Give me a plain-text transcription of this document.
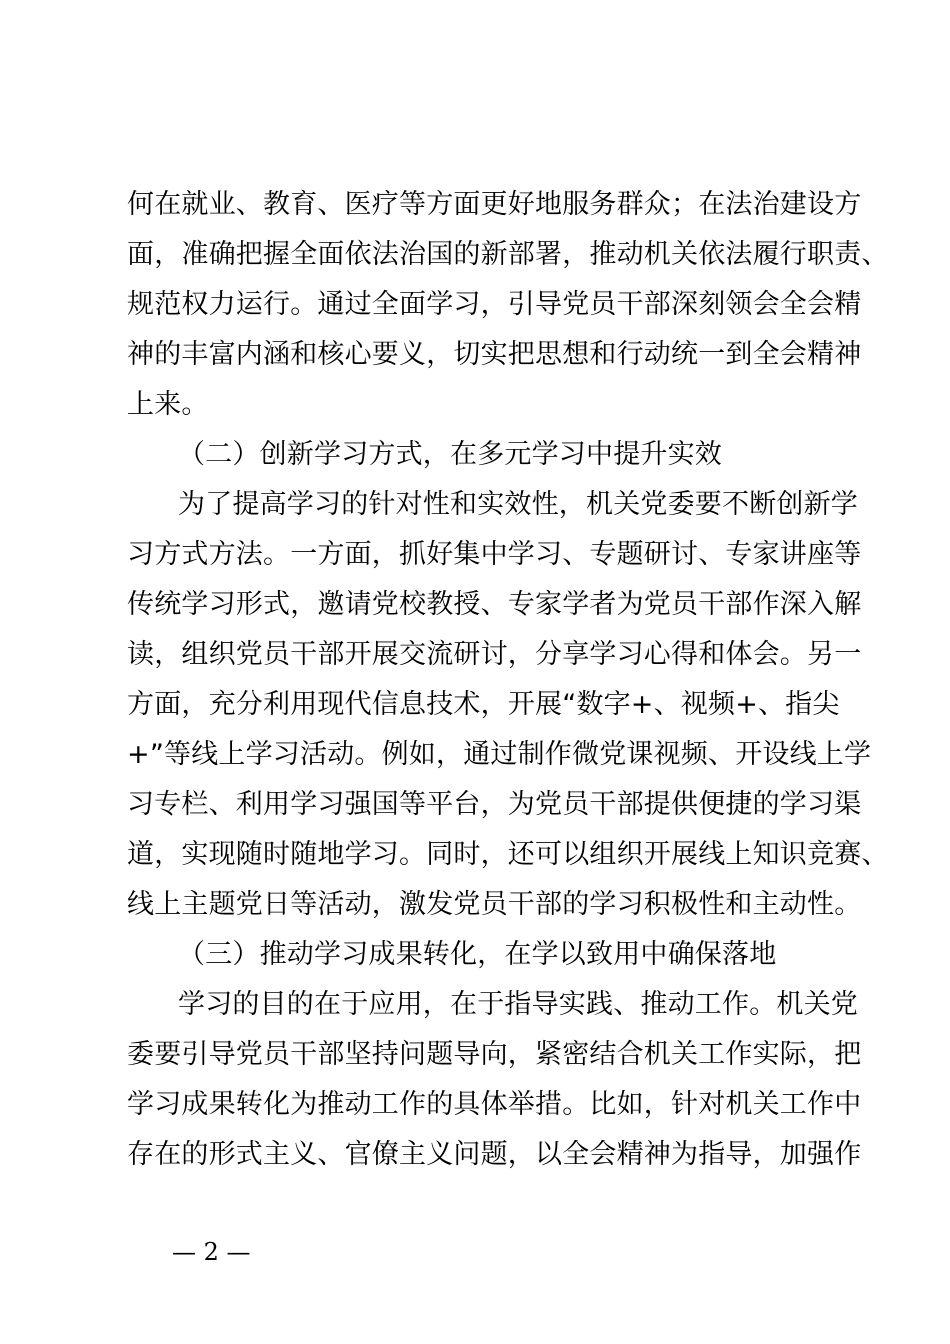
何在就业、教育、医疗等方面更好地服务群众；在法治建设方
面，准确把握全面依法治国的新部署，推动机关依法履行职责、
规范权力运行。通过全面学习，引导党员干部深刻领会全会精
神的丰富内涵和核心要义，切实把思想和行动统一到全会精神
上来。
（二）创新学习方式，在多元学习中提升实效
为了提高学习的针对性和实效性，机关党委要不断创新学
习方式方法。一方面，抓好集中学习、专题研讨、专家讲座等
传统学习形式，邀请党校教授、专家学者为党员干部作深入解
读，组织党员干部开展交流研讨，分享学习心得和体会。另一
方面，充分利用现代信息技术，开展“数字+、视频+、指尖
+”等线上学习活动。例如，通过制作微党课视频、开设线上学
习专栏、利用学习强国等平台，为党员干部提供便捷的学习渠
道，实现随时随地学习。同时，还可以组织开展线上知识竞赛、
线上主题党日等活动，激发党员干部的学习积极性和主动性。
（三）推动学习成果转化，在学以致用中确保落地
学习的目的在于应用，在于指导实践、推动工作。机关党
委要引导党员干部坚持问题导向，紧密结合机关工作实际，把
学习成果转化为推动工作的具体举措。比如，针对机关工作中
存在的形式主义、官僚主义问题，以全会精神为指导，加强作
— 2 —
